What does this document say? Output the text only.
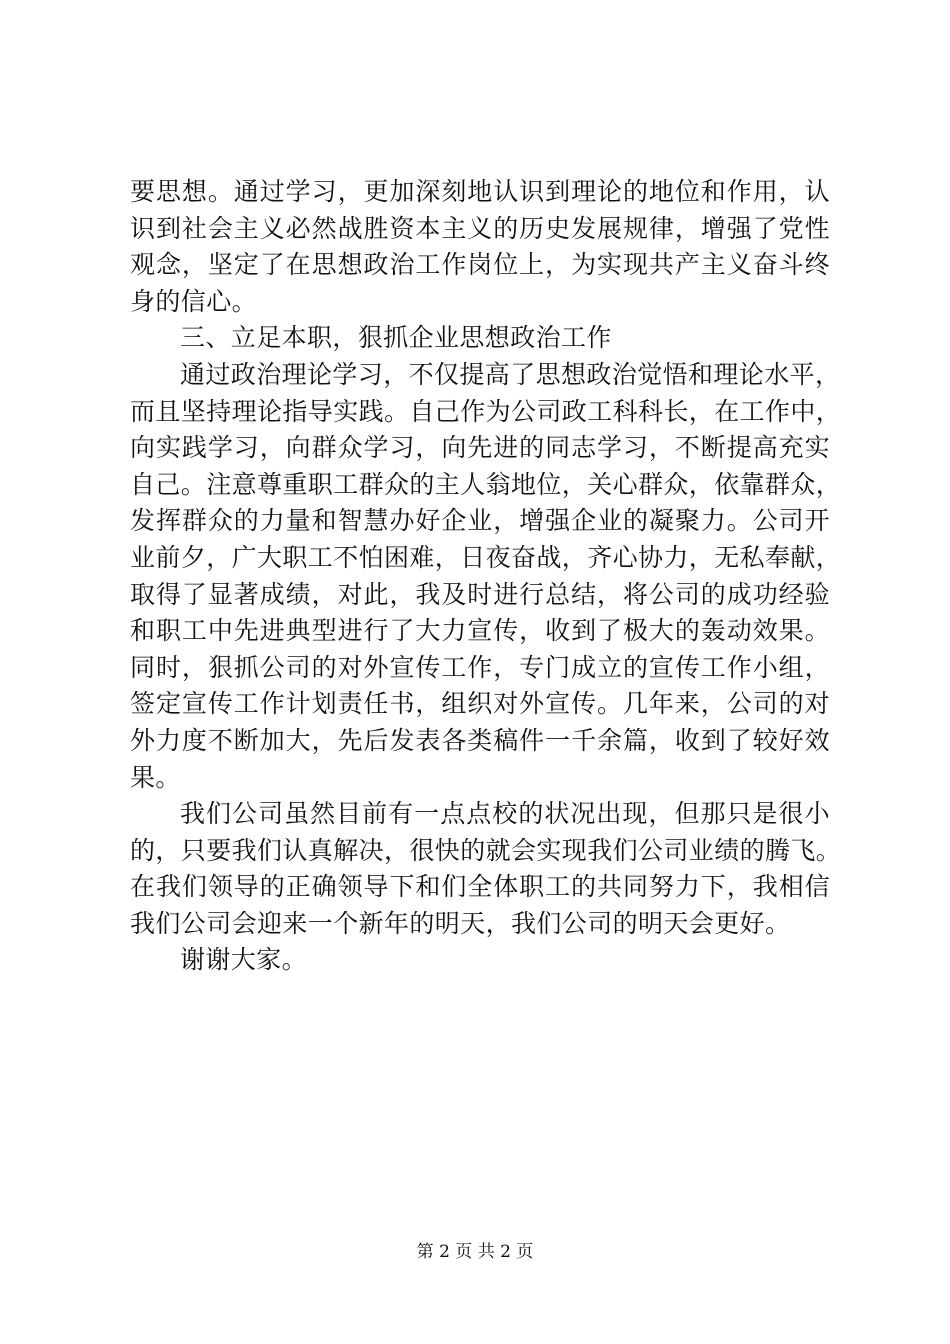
要思想。通过学习，更加深刻地认识到理论的地位和作用，认
识到社会主义必然战胜资本主义的历史发展规律，增强了党性
观念，坚定了在思想政治工作岗位上，为实现共产主义奋斗终
身的信心。
三、立足本职，狠抓企业思想政治工作
通过政治理论学习，不仅提高了思想政治觉悟和理论水平，
而且坚持理论指导实践。自己作为公司政工科科长，在工作中，
向实践学习，向群众学习，向先进的同志学习，不断提高充实
自己。注意尊重职工群众的主人翁地位，关心群众，依靠群众，
发挥群众的力量和智慧办好企业，增强企业的凝聚力。公司开
业前夕，广大职工不怕困难，日夜奋战，齐心协力，无私奉献，
取得了显著成绩，对此，我及时进行总结，将公司的成功经验
和职工中先进典型进行了大力宣传，收到了极大的轰动效果。
同时，狠抓公司的对外宣传工作，专门成立的宣传工作小组，
签定宣传工作计划责任书，组织对外宣传。几年来，公司的对
外力度不断加大，先后发表各类稿件一千余篇，收到了较好效
果。
我们公司虽然目前有一点点校的状况出现，但那只是很小
的，只要我们认真解决，很快的就会实现我们公司业绩的腾飞。
在我们领导的正确领导下和们全体职工的共同努力下，我相信
我们公司会迎来一个新年的明天，我们公司的明天会更好。
谢谢大家。
第 2 页 共 2 页
